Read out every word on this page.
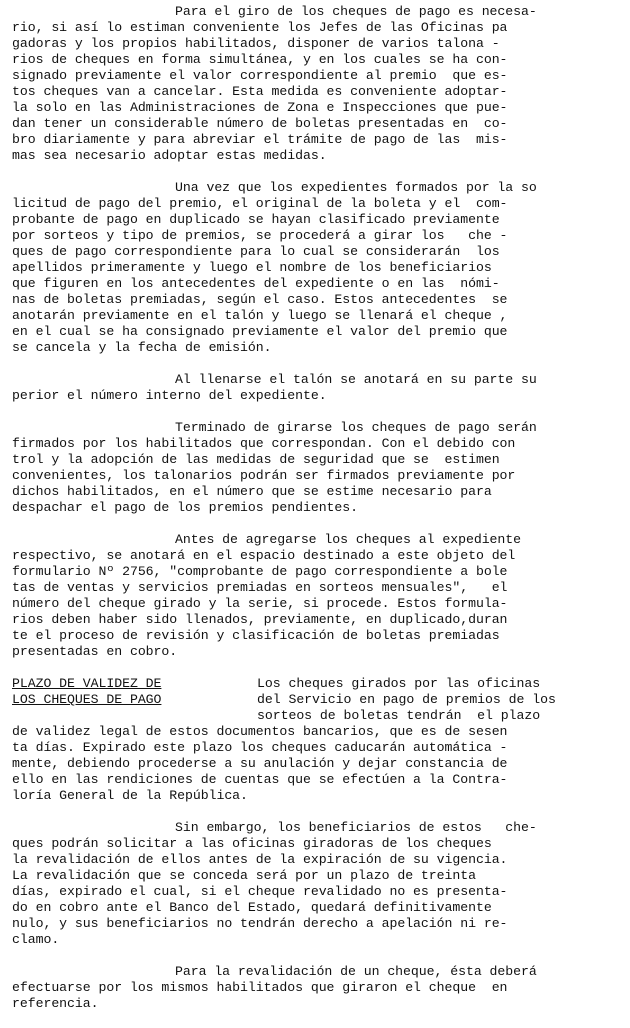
Para el giro de los cheques de pago es necesa-
rio, si así lo estiman conveniente los Jefes de las Oficinas pa
gadoras y los propios habilitados, disponer de varios talona -
rios de cheques en forma simultánea, y en los cuales se ha con-
signado previamente el valor correspondiente al premio  que es-
tos cheques van a cancelar. Esta medida es conveniente adoptar-
la solo en las Administraciones de Zona e Inspecciones que pue-
dan tener un considerable número de boletas presentadas en  co-
bro diariamente y para abreviar el trámite de pago de las  mis-
mas sea necesario adoptar estas medidas.
Una vez que los expedientes formados por la so
licitud de pago del premio, el original de la boleta y el  com-
probante de pago en duplicado se hayan clasificado previamente
por sorteos y tipo de premios, se procederá a girar los   che -
ques de pago correspondiente para lo cual se considerarán  los
apellidos primeramente y luego el nombre de los beneficiarios
que figuren en los antecedentes del expediente o en las  nómi-
nas de boletas premiadas, según el caso. Estos antecedentes  se
anotarán previamente en el talón y luego se llenará el cheque ,
en el cual se ha consignado previamente el valor del premio que
se cancela y la fecha de emisión.
Al llenarse el talón se anotará en su parte su
perior el número interno del expediente.
Terminado de girarse los cheques de pago serán
firmados por los habilitados que correspondan. Con el debido con
trol y la adopción de las medidas de seguridad que se  estimen
convenientes, los talonarios podrán ser firmados previamente por
dichos habilitados, en el número que se estime necesario para
despachar el pago de los premios pendientes.
Antes de agregarse los cheques al expediente
respectivo, se anotará en el espacio destinado a este objeto del
formulario Nº 2756, "comprobante de pago correspondiente a bole
tas de ventas y servicios premiadas en sorteos mensuales",   el
número del cheque girado y la serie, si procede. Estos formula-
rios deben haber sido llenados, previamente, en duplicado,duran
te el proceso de revisión y clasificación de boletas premiadas
presentadas en cobro.
PLAZO DE VALIDEZ DE
LOS CHEQUES DE PAGO
Los cheques girados por las oficinas
del Servicio en pago de premios de los
sorteos de boletas tendrán  el plazo
de validez legal de estos documentos bancarios, que es de sesen
ta días. Expirado este plazo los cheques caducarán automática -
mente, debiendo procederse a su anulación y dejar constancia de
ello en las rendiciones de cuentas que se efectúen a la Contra-
loría General de la República.
Sin embargo, los beneficiarios de estos   che-
ques podrán solicitar a las oficinas giradoras de los cheques
la revalidación de ellos antes de la expiración de su vigencia.
La revalidación que se conceda será por un plazo de treinta
días, expirado el cual, si el cheque revalidado no es presenta-
do en cobro ante el Banco del Estado, quedará definitivamente
nulo, y sus beneficiarios no tendrán derecho a apelación ni re-
clamo.
Para la revalidación de un cheque, ésta deberá
efectuarse por los mismos habilitados que giraron el cheque  en
referencia.
